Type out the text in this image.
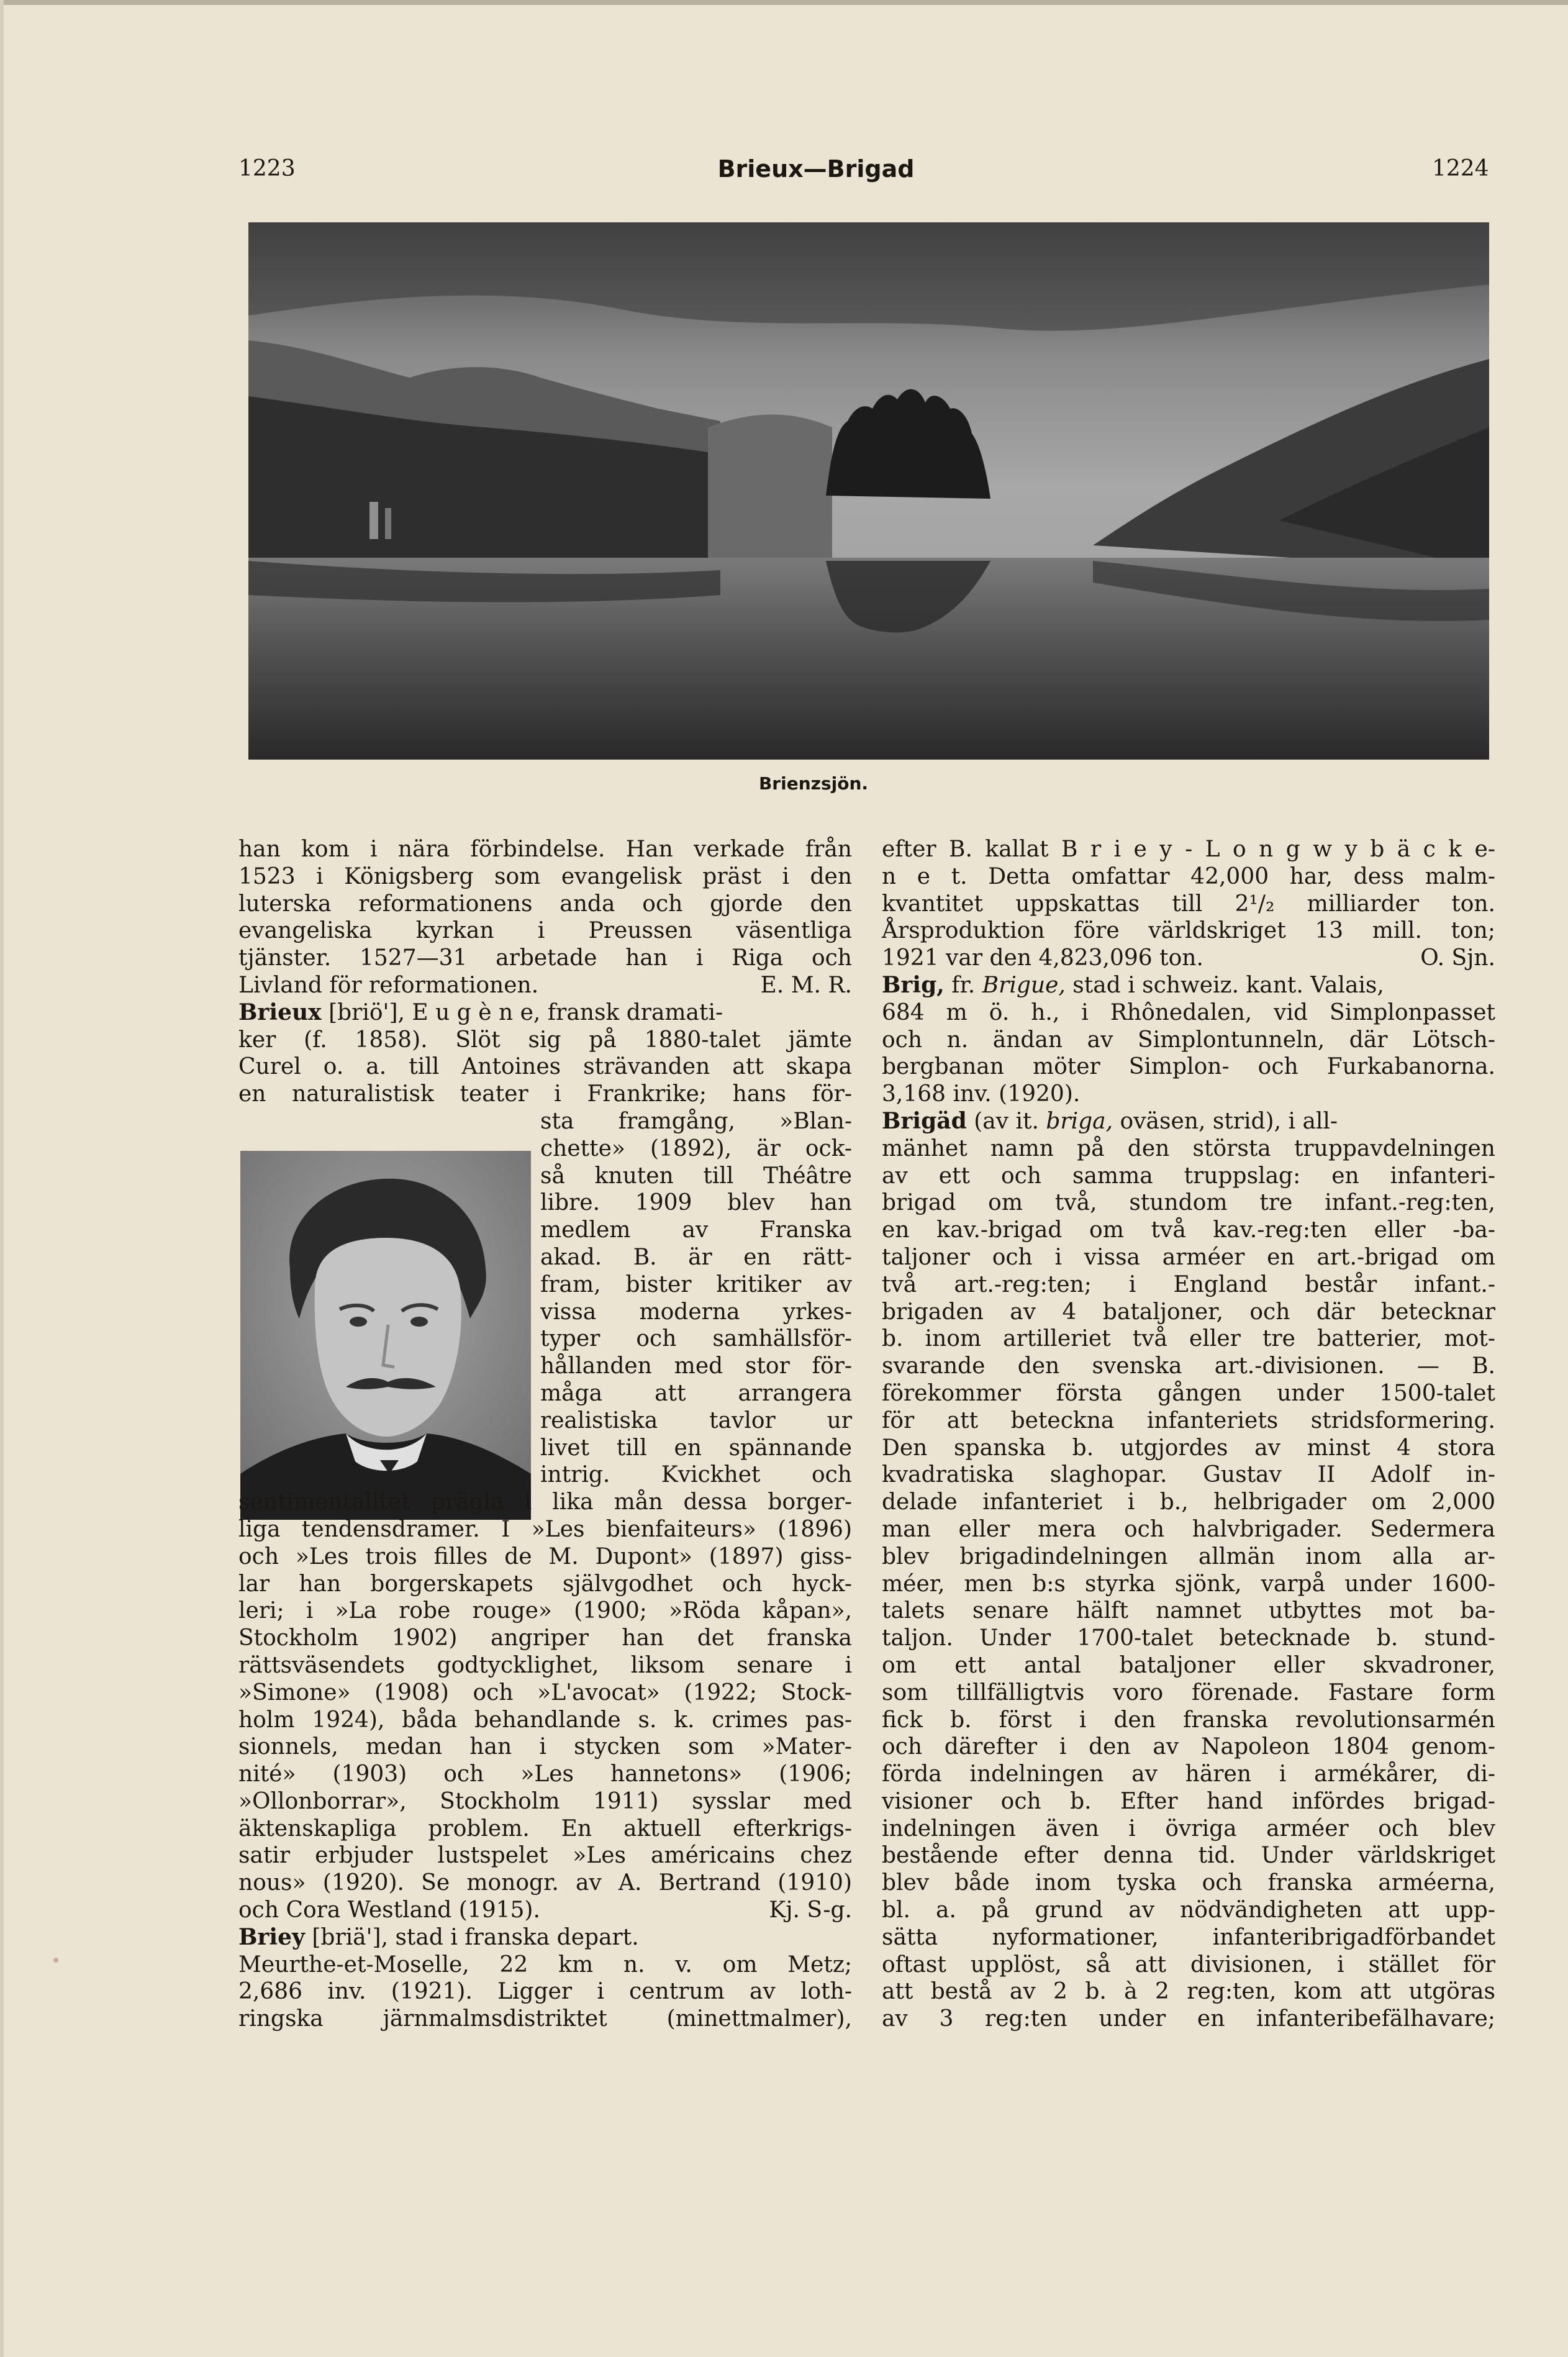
1223	Brieux—Brigad	1224
Brienzsjön.
han kom i nära förbindelse. Han verkade från
1523 i Königsberg som evangelisk präst i den
luterska reformationens anda och gjorde den
evangeliska kyrkan i Preussen väsentliga
tjänster. 1527—31 arbetade han i Riga och
Livland för reformationen.	E. M. R.
Brieux [briö'], E u g è n e, fransk dramati-
ker (f. 1858). Slöt sig på 1880-talet jämte
Curel o. a. till Antoines strävanden att skapa
en naturalistisk teater i Frankrike; hans för-
sta framgång, »Blan-
chette» (1892), är ock-
så knuten till Théâtre
libre. 1909 blev han
medlem av Franska
akad. B. är en rätt-
fram, bister kritiker av
vissa moderna yrkes-
typer och samhällsför-
hållanden med stor för-
måga att arrangera
realistiska tavlor ur
livet till en spännande
intrig. Kvickhet och
sentimentalitet prägla i lika mån dessa borger-
liga tendensdramer. I »Les bienfaiteurs» (1896)
och »Les trois filles de M. Dupont» (1897) giss-
lar han borgerskapets självgodhet och hyck-
leri; i »La robe rouge» (1900; »Röda kåpan»,
Stockholm 1902) angriper han det franska
rättsväsendets godtycklighet, liksom senare i
»Simone» (1908) och »L'avocat» (1922; Stock-
holm 1924), båda behandlande s. k. crimes pas-
sionnels, medan han i stycken som »Mater-
nité» (1903) och »Les hannetons» (1906;
»Ollonborrar», Stockholm 1911) sysslar med
äktenskapliga problem. En aktuell efterkrigs-
satir erbjuder lustspelet »Les américains chez
nous» (1920). Se monogr. av A. Bertrand (1910)
och Cora Westland (1915).	Kj. S-g.
Briey [briä'], stad i franska depart.
Meurthe-et-Moselle, 22 km n. v. om Metz;
2,686 inv. (1921). Ligger i centrum av loth-
ringska järnmalmsdistriktet (minettmalmer),
efter B. kallat B r i e y - L o n g w y b ä c k e-
n e t. Detta omfattar 42,000 har, dess malm-
kvantitet uppskattas till 2¹/₂ milliarder ton.
Årsproduktion före världskriget 13 mill. ton;
1921 var den 4,823,096 ton.	O. Sjn.
Brig, fr. Brigue, stad i schweiz. kant. Valais,
684 m ö. h., i Rhônedalen, vid Simplonpasset
och n. ändan av Simplontunneln, där Lötsch-
bergbanan möter Simplon- och Furkabanorna.
3,168 inv. (1920).
Brigäd (av it. briga, oväsen, strid), i all-
mänhet namn på den största truppavdelningen
av ett och samma truppslag: en infanteri-
brigad om två, stundom tre infant.-reg:ten,
en kav.-brigad om två kav.-reg:ten eller -ba-
taljoner och i vissa arméer en art.-brigad om
två art.-reg:ten; i England består infant.-
brigaden av 4 bataljoner, och där betecknar
b. inom artilleriet två eller tre batterier, mot-
svarande den svenska art.-divisionen. — B.
förekommer första gången under 1500-talet
för att beteckna infanteriets stridsformering.
Den spanska b. utgjordes av minst 4 stora
kvadratiska slaghopar. Gustav II Adolf in-
delade infanteriet i b., helbrigader om 2,000
man eller mera och halvbrigader. Sedermera
blev brigadindelningen allmän inom alla ar-
méer, men b:s styrka sjönk, varpå under 1600-
talets senare hälft namnet utbyttes mot ba-
taljon. Under 1700-talet betecknade b. stund-
om ett antal bataljoner eller skvadroner,
som tillfälligtvis voro förenade. Fastare form
fick b. först i den franska revolutionsarmén
och därefter i den av Napoleon 1804 genom-
förda indelningen av hären i armékårer, di-
visioner och b. Efter hand infördes brigad-
indelningen även i övriga arméer och blev
bestående efter denna tid. Under världskriget
blev både inom tyska och franska arméerna,
bl. a. på grund av nödvändigheten att upp-
sätta nyformationer, infanteribrigadförbandet
oftast upplöst, så att divisionen, i stället för
att bestå av 2 b. à 2 reg:ten, kom att utgöras
av 3 reg:ten under en infanteribefälhavare;
